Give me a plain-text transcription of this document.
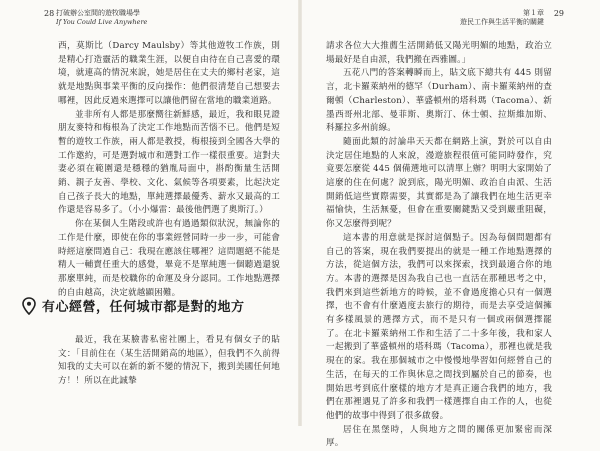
28 打破辦公室間的遊牧職場學
If You Could Live Anywhere

西，莫斯比（Darcy Maulsby）等其他遊牧工作族，則是精心打造靈活的職業生涯，以便自由待在自己喜愛的環境，就連高的情況來說，她是居住在丈夫的鄉村老家，這就是地點與事業平衡的反向操作：他們很清楚自己想要去哪裡，因此反過來選擇可以讓他們留在當地的職業道路。

並非所有人都是那麼嚮往新鮮感，最近，我和眼見證朋友麥特和梅根為了決定工作地點而苦惱不已。他們是短暫的遊牧工作族，兩人都是教授，梅根接到全國各大學的工作邀約，可是選對城市和選對工作一樣很重要。這對夫妻必須在範圍還是穩穩的猶胤局面中，斟酌衡量生活開銷、親子友善、學校、文化、氣候等各項要素，比起決定自己孩子長大的地點，單純選擇最優秀、薪水又最高的工作還是容易多了。（小小爆雷：最後他們選了奧斯汀。）

你在某個人生階段或許也有過過類似狀況，無論你的工作是什麼，即使在你的事業經營同時一步一步，可能會時經這麼問過自己：我現在應該住哪裡？這問題絕不能是精人一輔賣任重大的感覺，畢竟不是單純選一個聽過還貌那麼單純，而是校職你的命運及身分認同。工作地點選擇的自由越高，決定就越顯困難。

有心經營，任何城市都是對的地方

最近，我在某臉書私密社團上，看見有個女子的貼文：「目前住在（某生活開銷高的地區），但我們不久前得知我的丈夫可以在新的新不變的情況下，搬到美國任何地方！！所以在此誠摯

29
第１章
遊民工作與生活平衡的關鍵

請求各位大大推薦生活開銷低又陽光明媚的地點，政治立場最好是自由派，我們搬在西雅圖。」

五花八門的答案轉瞬而上，貼文底下總共有 445 則留言，北卡羅萊納州的德罕（Durham）、南卡羅萊納州的查爾頓（Charleston）、華盛頓州的塔科瑪（Tacoma）、新墨西哥州北部、曼菲斯、奧斯汀、休士頓、拉斯維加斯、科羅拉多州前線。

隨面此類的討論串天天都在網路上演，對於可以自由決定居住地點的人來說，漫遊旅程很值可能同時發作，究竟要怎麼從 445 個備選地可以清單上辦？明明大家開始了這麼的住在何處？說到底，陽光明媚、政治自由派、生活開銷低這些實際需要，其實都是為了讓我們在地生活更幸福愉快，生活無憂，但會在重要關鍵點又受到嚴重阻礙，你又怎麼得到呢？

這本書的用意就是探討這個點子。因為每個問題都有自己的答案，現在我們要提出的就是一種工作地點選擇的方法，從這個方法，我們可以來探索，找到最適合你的地方。本書的選擇是因為我自己也一直活在那種思考之中，我們來到這些新地方的時候，並不會過度擔心只有一個選擇，也不會有什麼過度去旅行的期待，而是去享受這個擁有多樣風景的選擇方式，而不是只有一個或兩個選擇罷了。在北卡羅萊納州工作和生活了二十多年後，我和家人一起搬到了華盛頓州的塔科瑪（Tacoma），那裡也就是我現在的家。我在那個城市之中慢慢地學習如何經營自己的生活，在每天的工作與休息之間找到屬於自己的節奏，也開始思考到底什麼樣的地方才是真正適合我們的地方，我們在那裡遇見了許多和我們一樣選擇自由工作的人，也從他們的故事中得到了很多啟發。

居住在黑堡時，人與地方之間的關係更加緊密而深厚。
